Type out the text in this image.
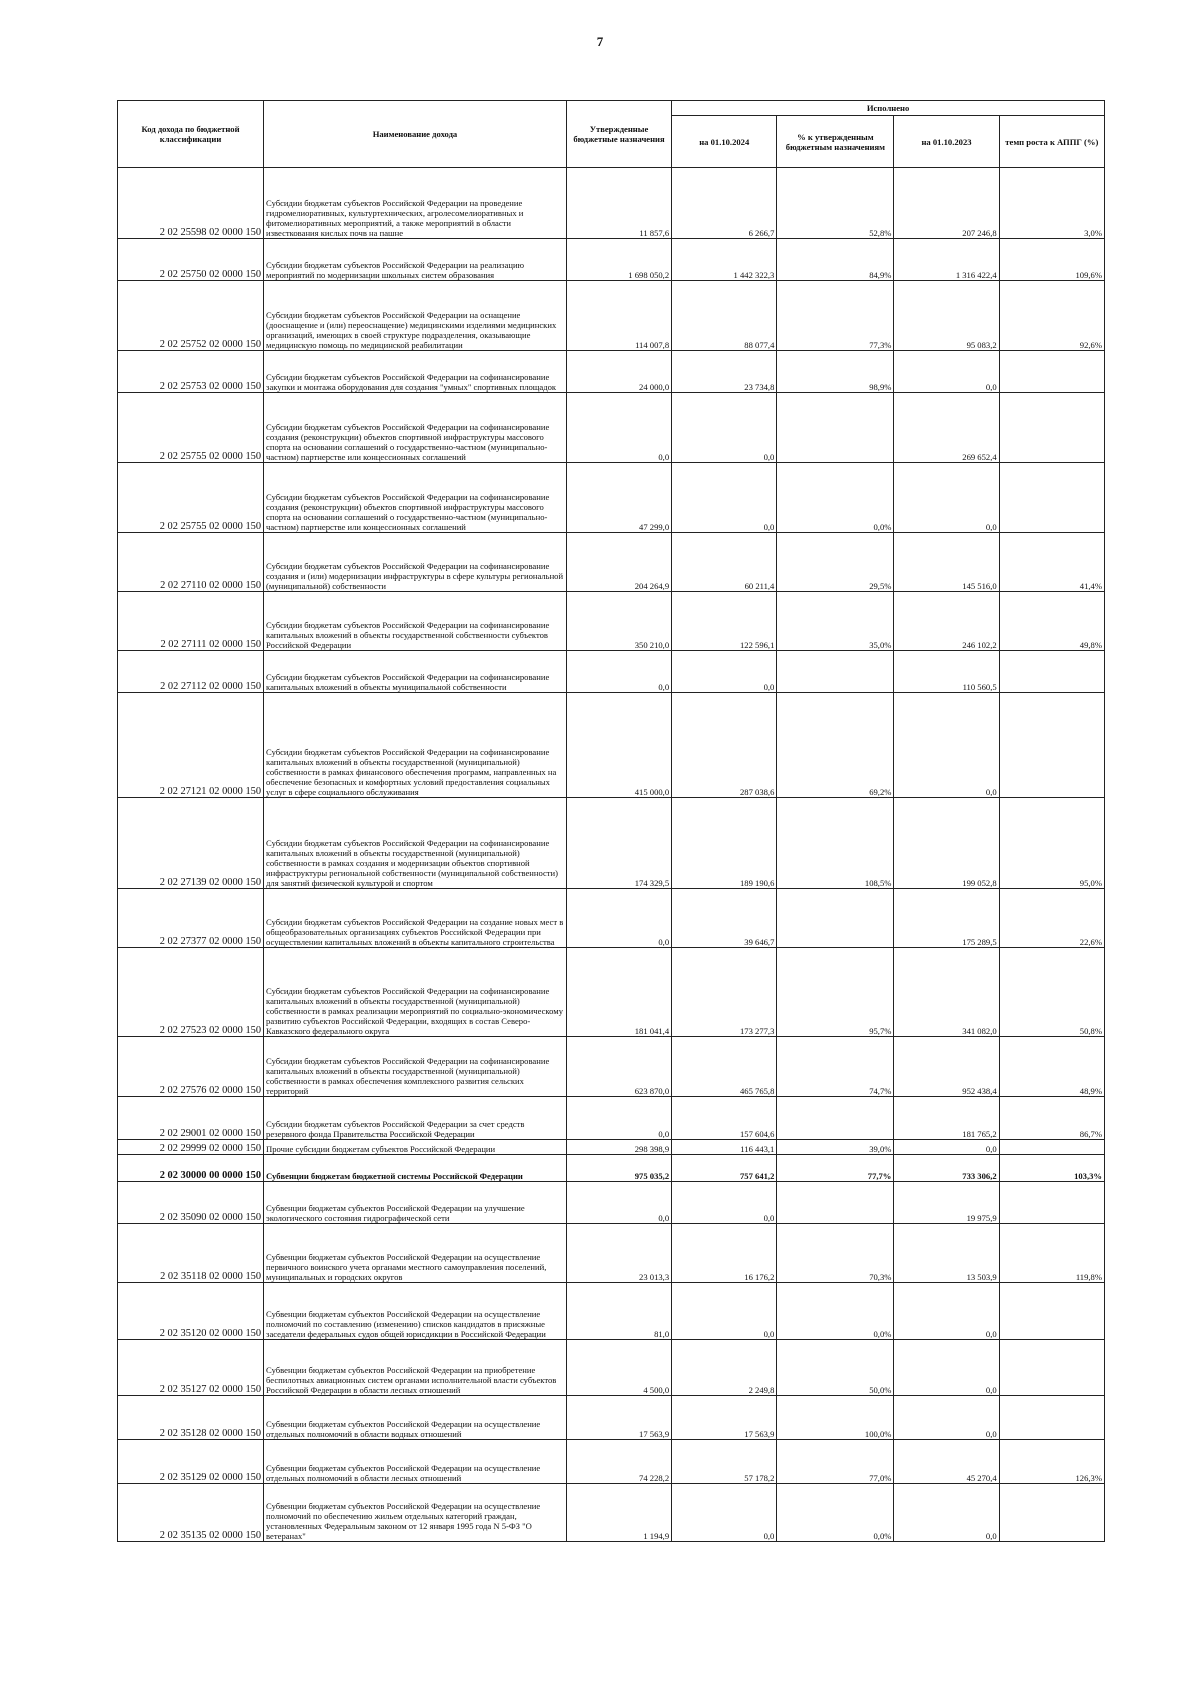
7
Код дохода по бюджетной классификации	Наименование дохода	Утвержденные бюджетные назначения	Исполнено			
			на 01.10.2024	% к утвержденным бюджетным назначениям	на 01.10.2023	темп роста к АППГ (%)
2 02 25598 02 0000 150	Субсидии бюджетам субъектов Российской Федерации на проведение гидромелиоративных, культуртехнических, агролесомелиоративных и фитомелиоративных мероприятий, а также мероприятий в области известкования кислых почв на пашне	11 857,6	6 266,7	52,8%	207 246,8	3,0%
2 02 25750 02 0000 150	Субсидии бюджетам субъектов Российской Федерации на реализацию мероприятий по модернизации школьных систем образования	1 698 050,2	1 442 322,3	84,9%	1 316 422,4	109,6%
2 02 25752 02 0000 150	Субсидии бюджетам субъектов Российской Федерации на оснащение (дооснащение и (или) переоснащение) медицинскими изделиями медицинских организаций, имеющих в своей структуре подразделения, оказывающие медицинскую помощь по медицинской реабилитации	114 007,8	88 077,4	77,3%	95 083,2	92,6%
2 02 25753 02 0000 150	Субсидии бюджетам субъектов Российской Федерации на софинансирование закупки и монтажа оборудования для создания "умных" спортивных площадок	24 000,0	23 734,8	98,9%	0,0	
2 02 25755 02 0000 150	Субсидии бюджетам субъектов Российской Федерации на софинансирование создания (реконструкции) объектов спортивной инфраструктуры массового спорта на основании соглашений о государственно-частном (муниципально-частном) партнерстве или концессионных соглашений	0,0	0,0		269 652,4	
2 02 25755 02 0000 150	Субсидии бюджетам субъектов Российской Федерации на софинансирование создания (реконструкции) объектов спортивной инфраструктуры массового спорта на основании соглашений о государственно-частном (муниципально-частном) партнерстве или концессионных соглашений	47 299,0	0,0	0,0%	0,0	
2 02 27110 02 0000 150	Субсидии бюджетам субъектов Российской Федерации на софинансирование создания и (или) модернизации инфраструктуры в сфере культуры региональной (муниципальной) собственности	204 264,9	60 211,4	29,5%	145 516,0	41,4%
2 02 27111 02 0000 150	Субсидии бюджетам субъектов Российской Федерации на софинансирование капитальных вложений в объекты государственной собственности субъектов Российской Федерации	350 210,0	122 596,1	35,0%	246 102,2	49,8%
2 02 27112 02 0000 150	Субсидии бюджетам субъектов Российской Федерации на софинансирование капитальных вложений в объекты муниципальной собственности	0,0	0,0		110 560,5	
2 02 27121 02 0000 150	Субсидии бюджетам субъектов Российской Федерации на софинансирование капитальных вложений в объекты государственной (муниципальной) собственности в рамках финансового обеспечения программ, направленных на обеспечение безопасных и комфортных условий предоставления социальных услуг в сфере социального обслуживания	415 000,0	287 038,6	69,2%	0,0	
2 02 27139 02 0000 150	Субсидии бюджетам субъектов Российской Федерации на софинансирование капитальных вложений в объекты государственной (муниципальной) собственности в рамках создания и модернизации объектов спортивной инфраструктуры региональной собственности (муниципальной собственности) для занятий физической культурой и спортом	174 329,5	189 190,6	108,5%	199 052,8	95,0%
2 02 27377 02 0000 150	Субсидии бюджетам субъектов Российской Федерации на создание новых мест в общеобразовательных организациях субъектов Российской Федерации при осуществлении капитальных вложений в объекты капитального строительства	0,0	39 646,7		175 289,5	22,6%
2 02 27523 02 0000 150	Субсидии бюджетам субъектов Российской Федерации на софинансирование капитальных вложений в объекты государственной (муниципальной) собственности в рамках реализации мероприятий по социально-экономическому развитию субъектов Российской Федерации, входящих в состав Северо-Кавказского федерального округа	181 041,4	173 277,3	95,7%	341 082,0	50,8%
2 02 27576 02 0000 150	Субсидии бюджетам субъектов Российской Федерации на софинансирование капитальных вложений в объекты государственной (муниципальной) собственности в рамках обеспечения комплексного развития сельских территорий	623 870,0	465 765,8	74,7%	952 438,4	48,9%
2 02 29001 02 0000 150	Субсидии бюджетам субъектов Российской Федерации за счет средств резервного фонда Правительства Российской Федерации	0,0	157 604,6		181 765,2	86,7%
2 02 29999 02 0000 150	Прочие субсидии бюджетам субъектов Российской Федерации	298 398,9	116 443,1	39,0%	0,0	
2 02 30000 00 0000 150	Субвенции бюджетам бюджетной системы Российской Федерации	975 035,2	757 641,2	77,7%	733 306,2	103,3%
2 02 35090 02 0000 150	Субвенции бюджетам субъектов Российской Федерации на улучшение экологического состояния гидрографической сети	0,0	0,0		19 975,9	
2 02 35118 02 0000 150	Субвенции бюджетам субъектов Российской Федерации на осуществление первичного воинского учета органами местного самоуправления поселений, муниципальных и городских округов	23 013,3	16 176,2	70,3%	13 503,9	119,8%
2 02 35120 02 0000 150	Субвенции бюджетам субъектов Российской Федерации на осуществление полномочий по составлению (изменению) списков кандидатов в присяжные заседатели федеральных судов общей юрисдикции в Российской Федерации	81,0	0,0	0,0%	0,0	
2 02 35127 02 0000 150	Субвенции бюджетам субъектов Российской Федерации на приобретение беспилотных авиационных систем органами исполнительной власти субъектов Российской Федерации в области лесных отношений	4 500,0	2 249,8	50,0%	0,0	
2 02 35128 02 0000 150	Субвенции бюджетам субъектов Российской Федерации на осуществление отдельных полномочий в области водных отношений	17 563,9	17 563,9	100,0%	0,0	
2 02 35129 02 0000 150	Субвенции бюджетам субъектов Российской Федерации на осуществление отдельных полномочий в области лесных отношений	74 228,2	57 178,2	77,0%	45 270,4	126,3%
2 02 35135 02 0000 150	Субвенции бюджетам субъектов Российской Федерации на осуществление полномочий по обеспечению жильем отдельных категорий граждан, установленных Федеральным законом от 12 января 1995 года N 5-ФЗ "О ветеранах"	1 194,9	0,0	0,0%	0,0	
